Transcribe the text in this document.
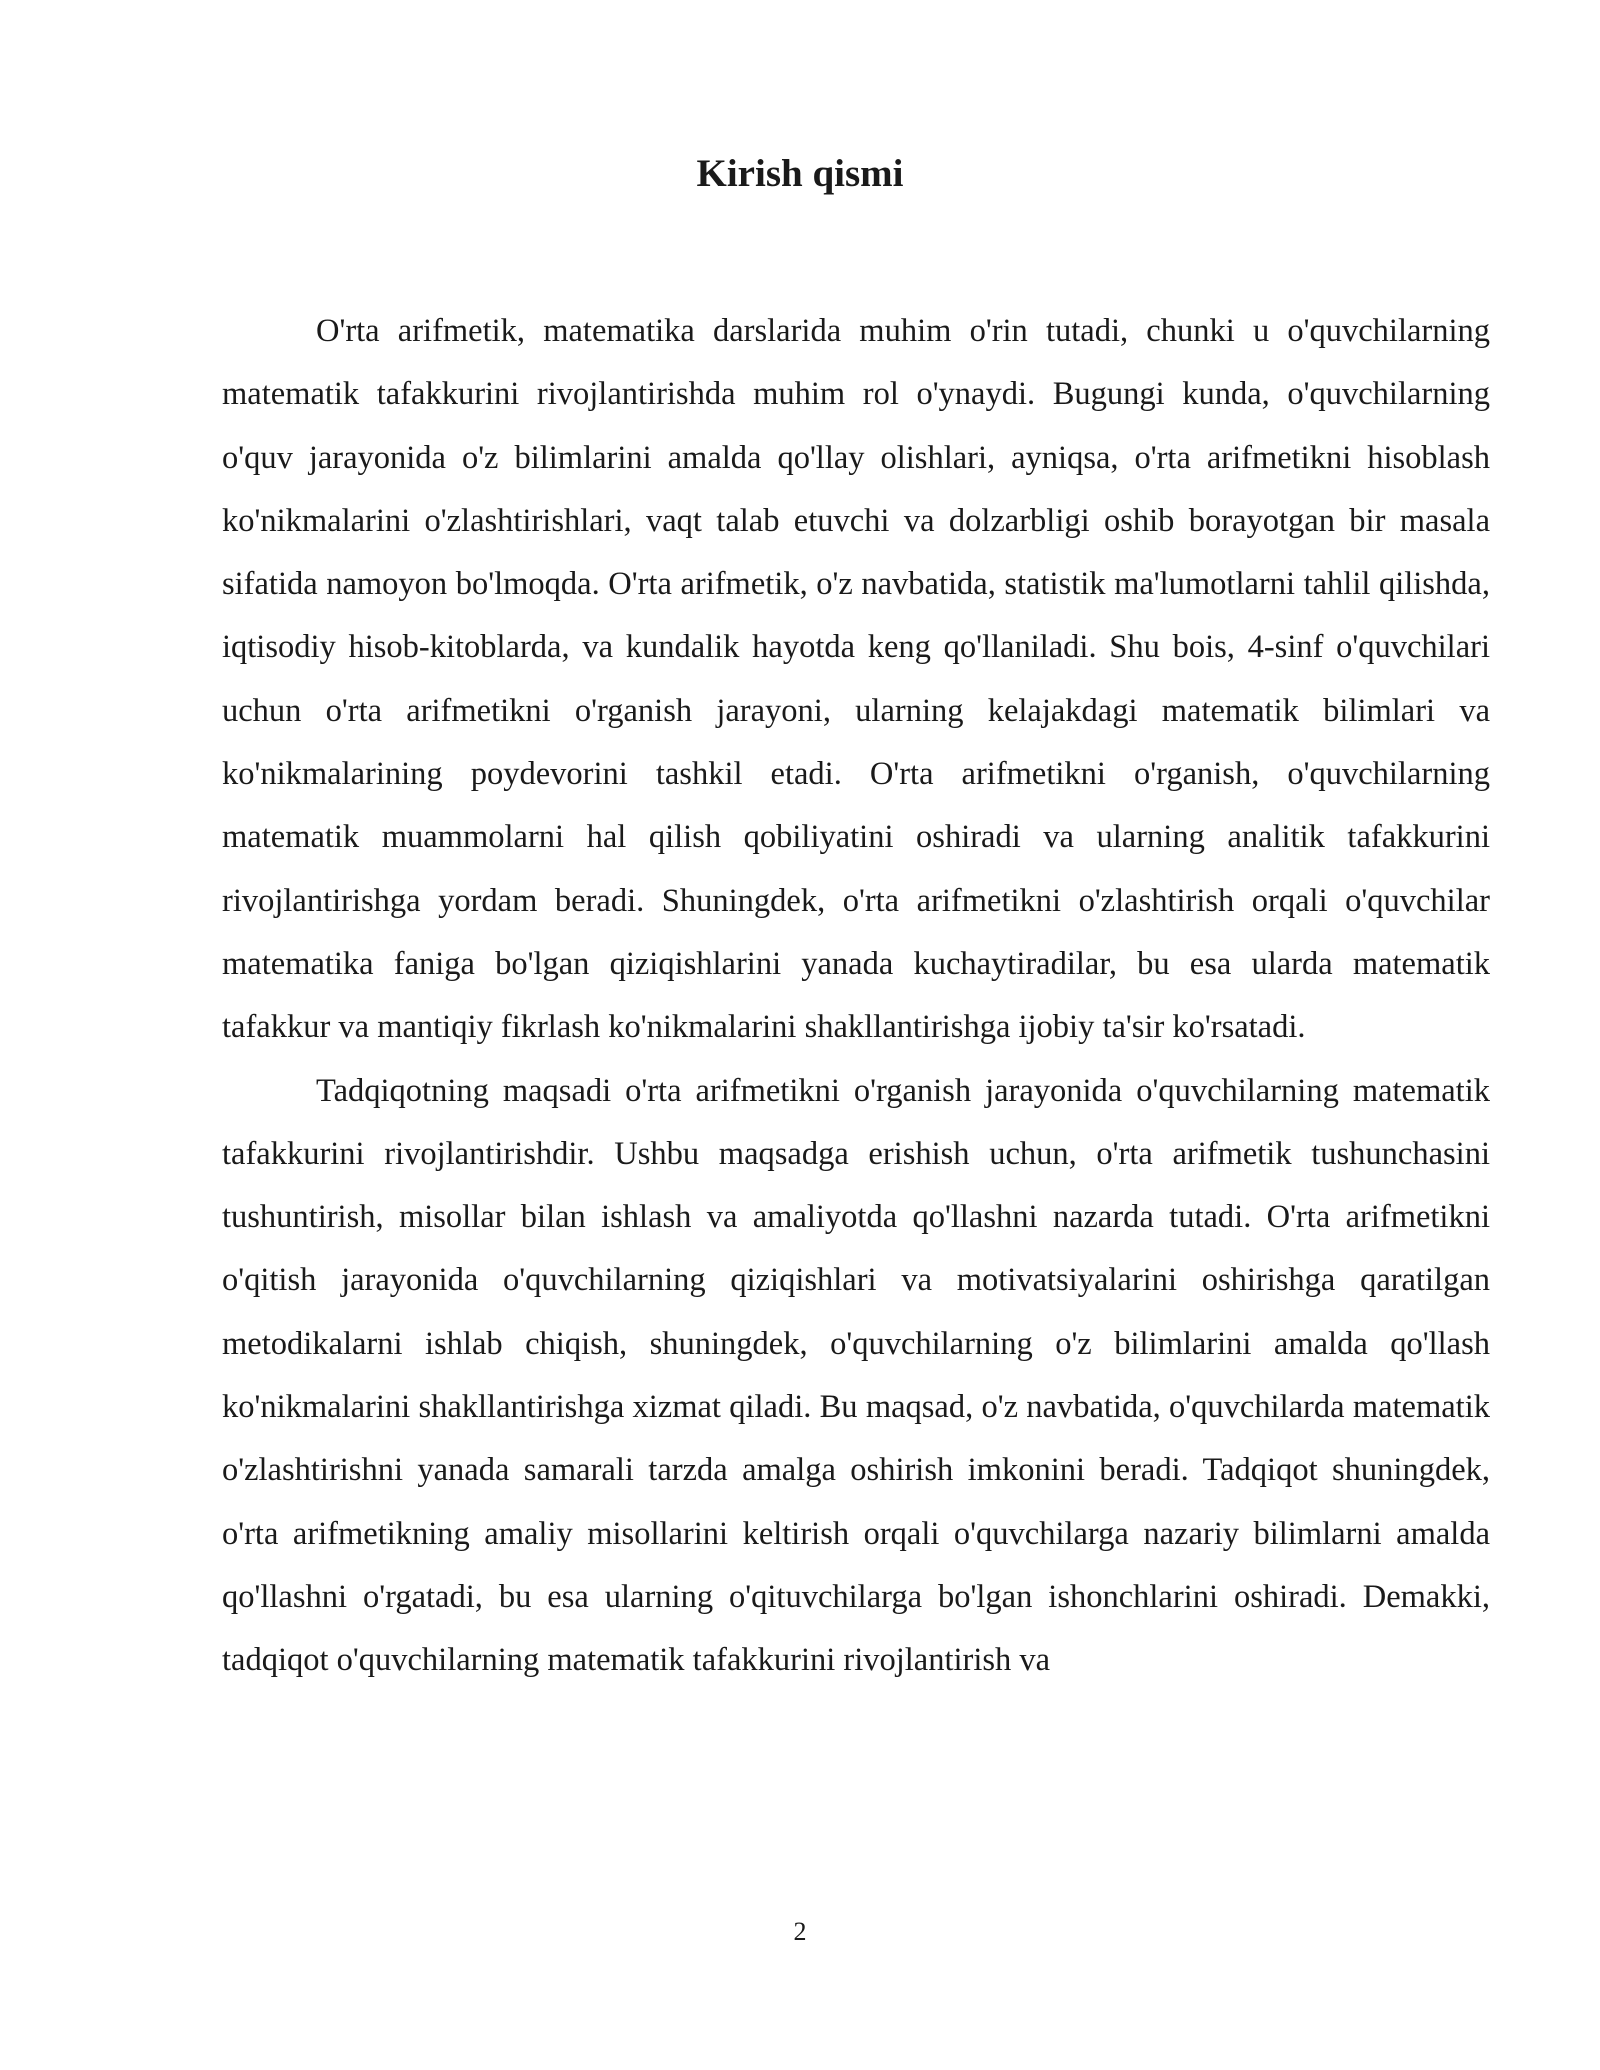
Kirish qismi

O'rta arifmetik, matematika darslarida muhim o'rin tutadi, chunki u o'quvchilarning matematik tafakkurini rivojlantirishda muhim rol o'ynaydi. Bugungi kunda, o'quvchilarning o'quv jarayonida o'z bilimlarini amalda qo'llay olishlari, ayniqsa, o'rta arifmetikni hisoblash ko'nikmalarini o'zlashtirishlari, vaqt talab etuvchi va dolzarbligi oshib borayotgan bir masala sifatida namoyon bo'lmoqda. O'rta arifmetik, o'z navbatida, statistik ma'lumotlarni tahlil qilishda, iqtisodiy hisob-kitoblarda, va kundalik hayotda keng qo'llaniladi. Shu bois, 4-sinf o'quvchilari uchun o'rta arifmetikni o'rganish jarayoni, ularning kelajakdagi matematik bilimlari va ko'nikmalarining poydevorini tashkil etadi. O'rta arifmetikni o'rganish, o'quvchilarning matematik muammolarni hal qilish qobiliyatini oshiradi va ularning analitik tafakkurini rivojlantirishga yordam beradi. Shuningdek, o'rta arifmetikni o'zlashtirish orqali o'quvchilar matematika faniga bo'lgan qiziqishlarini yanada kuchaytiradilar, bu esa ularda matematik tafakkur va mantiqiy fikrlash ko'nikmalarini shakllantirishga ijobiy ta'sir ko'rsatadi.

Tadqiqotning maqsadi o'rta arifmetikni o'rganish jarayonida o'quvchilarning matematik tafakkurini rivojlantirishdir. Ushbu maqsadga erishish uchun, o'rta arifmetik tushunchasini tushuntirish, misollar bilan ishlash va amaliyotda qo'llashni nazarda tutadi. O'rta arifmetikni o'qitish jarayonida o'quvchilarning qiziqishlari va motivatsiyalarini oshirishga qaratilgan metodikalarni ishlab chiqish, shuningdek, o'quvchilarning o'z bilimlarini amalda qo'llash ko'nikmalarini shakllantirishga xizmat qiladi. Bu maqsad, o'z navbatida, o'quvchilarda matematik o'zlashtirishni yanada samarali tarzda amalga oshirish imkonini beradi. Tadqiqot shuningdek, o'rta arifmetikning amaliy misollarini keltirish orqali o'quvchilarga nazariy bilimlarni amalda qo'llashni o'rgatadi, bu esa ularning o'qituvchilarga bo'lgan ishonchlarini oshiradi. Demakki, tadqiqot o'quvchilarning matematik tafakkurini rivojlantirish va

2
